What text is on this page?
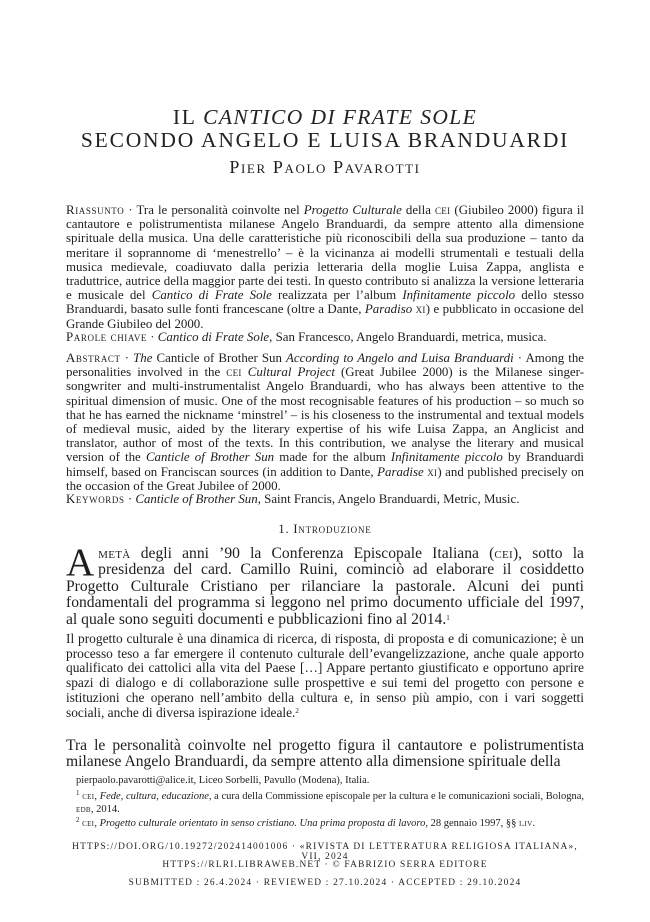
IL CANTICO DI FRATE SOLE
SECONDO ANGELO E LUISA BRANDUARDI
Pier Paolo Pavarotti
Riassunto · Tra le personalità coinvolte nel Progetto Culturale della cei (Giubileo 2000) figura il cantautore e polistrumentista milanese Angelo Branduardi, da sempre attento alla dimensione spirituale della musica. Una delle caratteristiche più riconoscibili della sua produzione – tanto da meritare il soprannome di ‘menestrello’ – è la vicinanza ai modelli strumentali e testuali della musica medievale, coadiuvato dalla perizia letteraria della moglie Luisa Zappa, anglista e traduttrice, autrice della maggior parte dei testi. In questo contributo si analizza la versione letteraria e musicale del Cantico di Frate Sole realizzata per l’album Infinitamente piccolo dello stesso Branduardi, basato sulle fonti francescane (oltre a Dante, Paradiso xi) e pubblicato in occasione del Grande Giubileo del 2000.
Parole chiave · Cantico di Frate Sole, San Francesco, Angelo Branduardi, metrica, musica.
Abstract · The Canticle of Brother Sun According to Angelo and Luisa Branduardi · Among the personalities involved in the cei Cultural Project (Great Jubilee 2000) is the Milanese singer-songwriter and multi-instrumentalist Angelo Branduardi, who has always been attentive to the spiritual dimension of music. One of the most recognisable features of his production – so much so that he has earned the nickname ‘minstrel’ – is his closeness to the instrumental and textual models of medieval music, aided by the literary expertise of his wife Luisa Zappa, an Anglicist and translator, author of most of the texts. In this contribution, we analyse the literary and musical version of the Canticle of Brother Sun made for the album Infinitamente piccolo by Branduardi himself, based on Franciscan sources (in addition to Dante, Paradise xi) and published precisely on the occasion of the Great Jubilee of 2000.
Keywords · Canticle of Brother Sun, Saint Francis, Angelo Branduardi, Metric, Music.
1. Introduzione
Ametà degli anni ’90 la Conferenza Episcopale Italiana (cei), sotto la presidenza del card. Camillo Ruini, cominciò ad elaborare il cosiddetto Progetto Culturale Cristiano per rilanciare la pastorale. Alcuni dei punti fondamentali del programma si leggono nel primo documento ufficiale del 1997, al quale sono seguiti documenti e pubblicazioni fino al 2014.$^1$
Il progetto culturale è una dinamica di ricerca, di risposta, di proposta e di comunicazione; è un processo teso a far emergere il contenuto culturale dell’evangelizzazione, anche quale apporto qualificato dei cattolici alla vita del Paese […] Appare pertanto giustificato e opportuno aprire spazi di dialogo e di collaborazione sulle prospettive e sui temi del progetto con persone e istituzioni che operano nell’ambito della cultura e, in senso più ampio, con i vari soggetti sociali, anche di diversa ispirazione ideale.$^2$
Tra le personalità coinvolte nel progetto figura il cantautore e polistrumentista milanese Angelo Branduardi, da sempre attento alla dimensione spirituale della
pierpaolo.pavarotti@alice.it, Liceo Sorbelli, Pavullo (Modena), Italia.
$^1$ cei, Fede, cultura, educazione, a cura della Commissione episcopale per la cultura e le comunicazioni sociali, Bologna, edb, 2014.
$^2$ cei, Progetto culturale orientato in senso cristiano. Una prima proposta di lavoro, 28 gennaio 1997, §§ i.iv.
HTTPS://DOI.ORG/10.19272/202414001006 · «RIVISTA DI LETTERATURA RELIGIOSA ITALIANA», VII, 2024
HTTPS://RLRI.LIBRAWEB.NET · © FABRIZIO SERRA EDITORE
SUBMITTED : 26.4.2024 · REVIEWED : 27.10.2024 · ACCEPTED : 29.10.2024
